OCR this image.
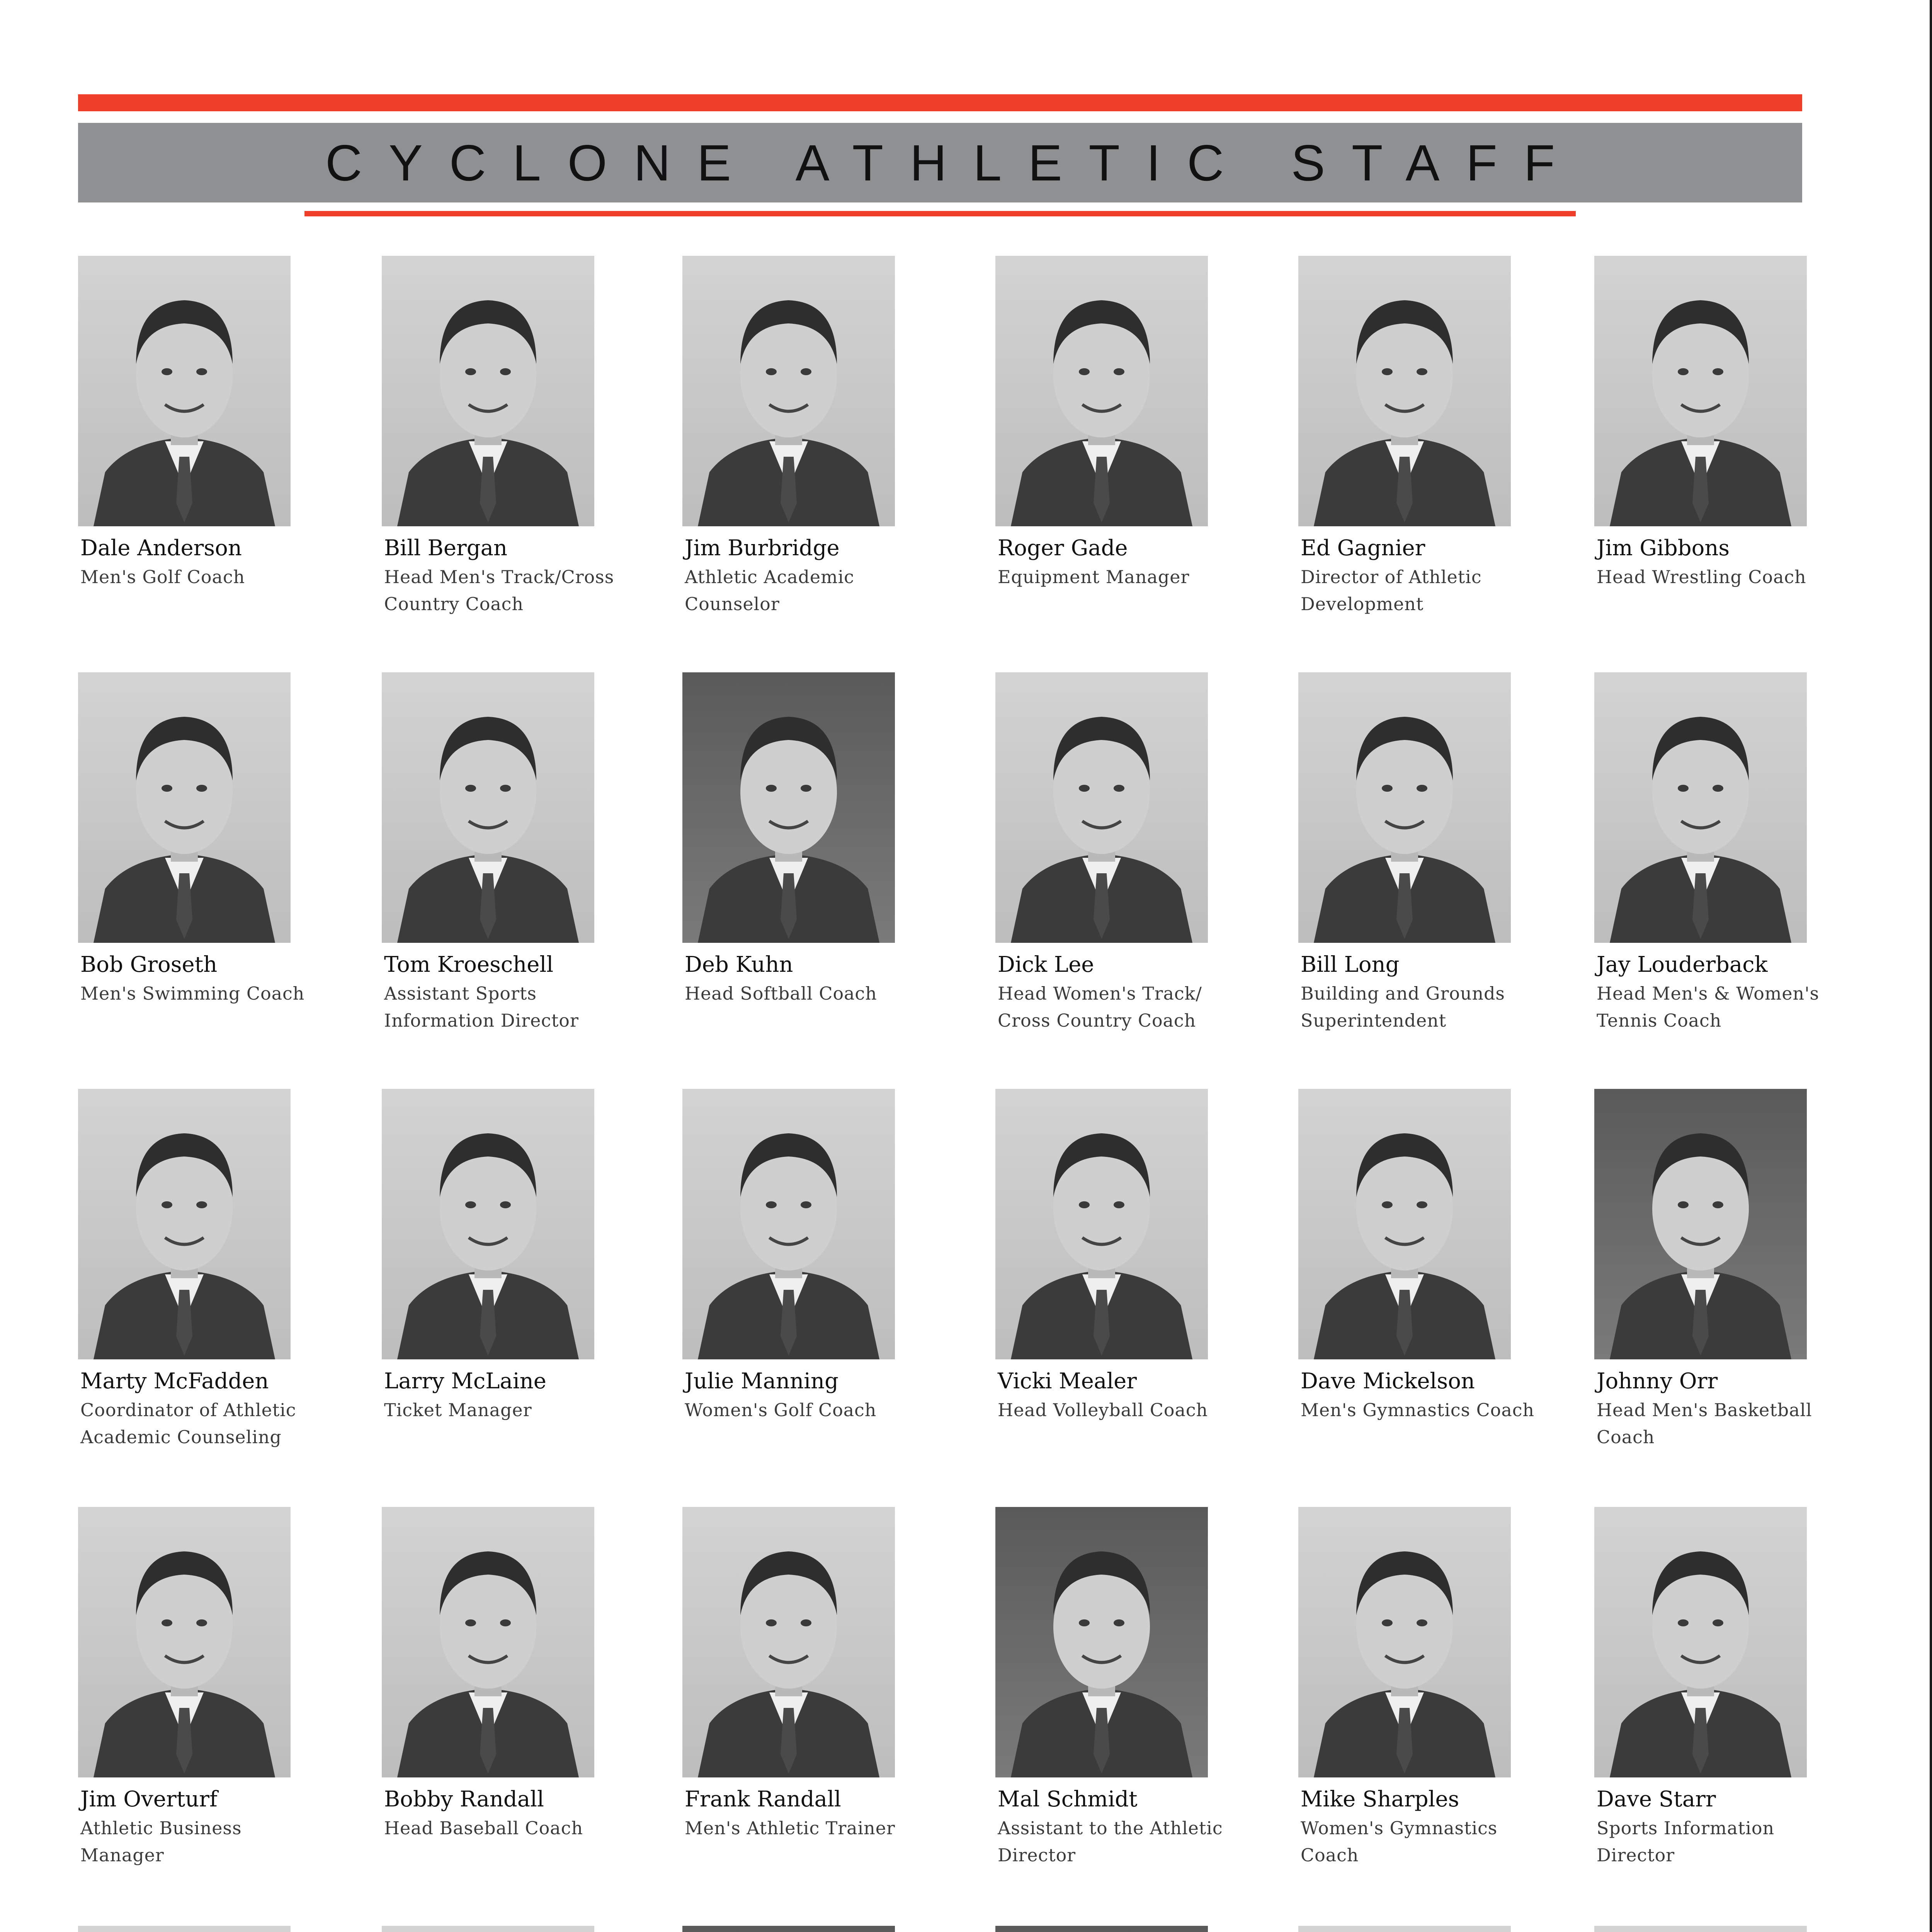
CYCLONE ATHLETIC STAFF
Dale Anderson
Men's Golf Coach
Bill Bergan
Head Men's Track/Cross Country Coach
Jim Burbridge
Athletic Academic Counselor
Roger Gade
Equipment Manager
Ed Gagnier
Director of Athletic Development
Jim Gibbons
Head Wrestling Coach
Bob Groseth
Men's Swimming Coach
Tom Kroeschell
Assistant Sports Information Director
Deb Kuhn
Head Softball Coach
Dick Lee
Head Women's Track/ Cross Country Coach
Bill Long
Building and Grounds Superintendent
Jay Louderback
Head Men's & Women's Tennis Coach
Marty McFadden
Coordinator of Athletic Academic Counseling
Larry McLaine
Ticket Manager
Julie Manning
Women's Golf Coach
Vicki Mealer
Head Volleyball Coach
Dave Mickelson
Men's Gymnastics Coach
Johnny Orr
Head Men's Basketball Coach
Jim Overturf
Athletic Business Manager
Bobby Randall
Head Baseball Coach
Frank Randall
Men's Athletic Trainer
Mal Schmidt
Assistant to the Athletic Director
Mike Sharples
Women's Gymnastics Coach
Dave Starr
Sports Information Director
